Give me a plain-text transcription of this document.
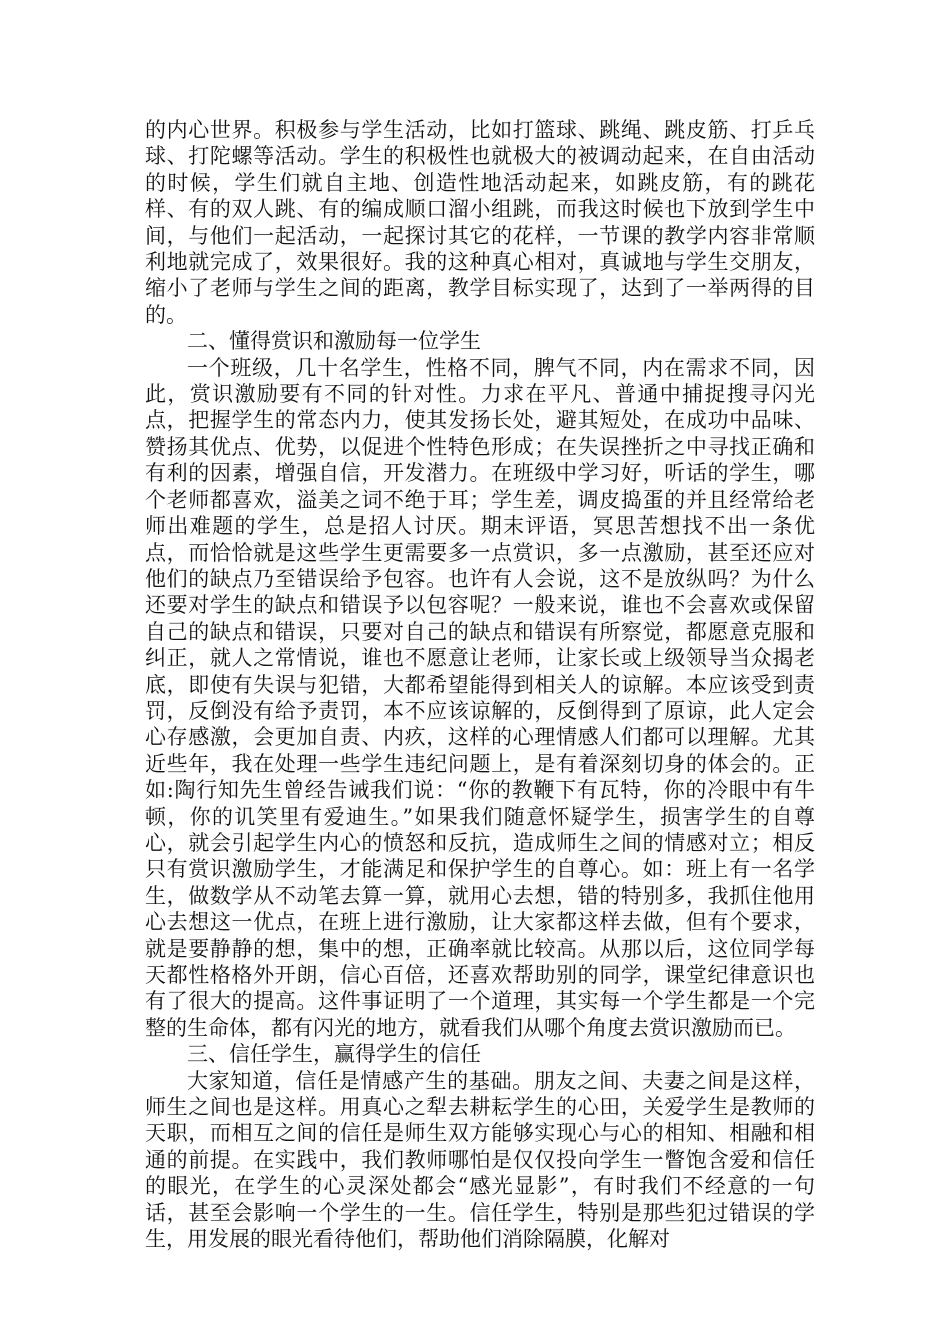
的内心世界。积极参与学生活动，比如打篮球、跳绳、跳皮筋、打乒乓球、打陀螺等活动。学生的积极性也就极大的被调动起来，在自由活动的时候，学生们就自主地、创造性地活动起来，如跳皮筋，有的跳花样、有的双人跳、有的编成顺口溜小组跳，而我这时候也下放到学生中间，与他们一起活动，一起探讨其它的花样，一节课的教学内容非常顺利地就完成了，效果很好。我的这种真心相对，真诚地与学生交朋友，缩小了老师与学生之间的距离，教学目标实现了，达到了一举两得的目的。

二、懂得赏识和激励每一位学生

一个班级，几十名学生，性格不同，脾气不同，内在需求不同，因此，赏识激励要有不同的针对性。力求在平凡、普通中捕捉搜寻闪光点，把握学生的常态内力，使其发扬长处，避其短处，在成功中品味、赞扬其优点、优势，以促进个性特色形成；在失误挫折之中寻找正确和有利的因素，增强自信，开发潜力。在班级中学习好，听话的学生，哪个老师都喜欢，溢美之词不绝于耳；学生差，调皮捣蛋的并且经常给老师出难题的学生，总是招人讨厌。期末评语，冥思苦想找不出一条优点，而恰恰就是这些学生更需要多一点赏识，多一点激励，甚至还应对他们的缺点乃至错误给予包容。也许有人会说，这不是放纵吗？为什么还要对学生的缺点和错误予以包容呢？一般来说，谁也不会喜欢或保留自己的缺点和错误，只要对自己的缺点和错误有所察觉，都愿意克服和纠正，就人之常情说，谁也不愿意让老师，让家长或上级领导当众揭老底，即使有失误与犯错，大都希望能得到相关人的谅解。本应该受到责罚，反倒没有给予责罚，本不应该谅解的，反倒得到了原谅，此人定会心存感激，会更加自责、内疚，这样的心理情感人们都可以理解。尤其近些年，我在处理一些学生违纪问题上，是有着深刻切身的体会的。正如:陶行知先生曾经告诫我们说：“你的教鞭下有瓦特，你的冷眼中有牛顿，你的讥笑里有爱迪生。”如果我们随意怀疑学生，损害学生的自尊心，就会引起学生内心的愤怒和反抗，造成师生之间的情感对立；相反只有赏识激励学生，才能满足和保护学生的自尊心。如：班上有一名学生，做数学从不动笔去算一算，就用心去想，错的特别多，我抓住他用心去想这一优点，在班上进行激励，让大家都这样去做，但有个要求，就是要静静的想，集中的想，正确率就比较高。从那以后，这位同学每天都性格格外开朗，信心百倍，还喜欢帮助别的同学，课堂纪律意识也有了很大的提高。这件事证明了一个道理，其实每一个学生都是一个完整的生命体，都有闪光的地方，就看我们从哪个角度去赏识激励而已。

三、信任学生，赢得学生的信任

大家知道，信任是情感产生的基础。朋友之间、夫妻之间是这样，师生之间也是这样。用真心之犁去耕耘学生的心田，关爱学生是教师的天职，而相互之间的信任是师生双方能够实现心与心的相知、相融和相通的前提。在实践中，我们教师哪怕是仅仅投向学生一瞥饱含爱和信任的眼光，在学生的心灵深处都会“感光显影”，有时我们不经意的一句话，甚至会影响一个学生的一生。信任学生，特别是那些犯过错误的学生，用发展的眼光看待他们，帮助他们消除隔膜，化解对
